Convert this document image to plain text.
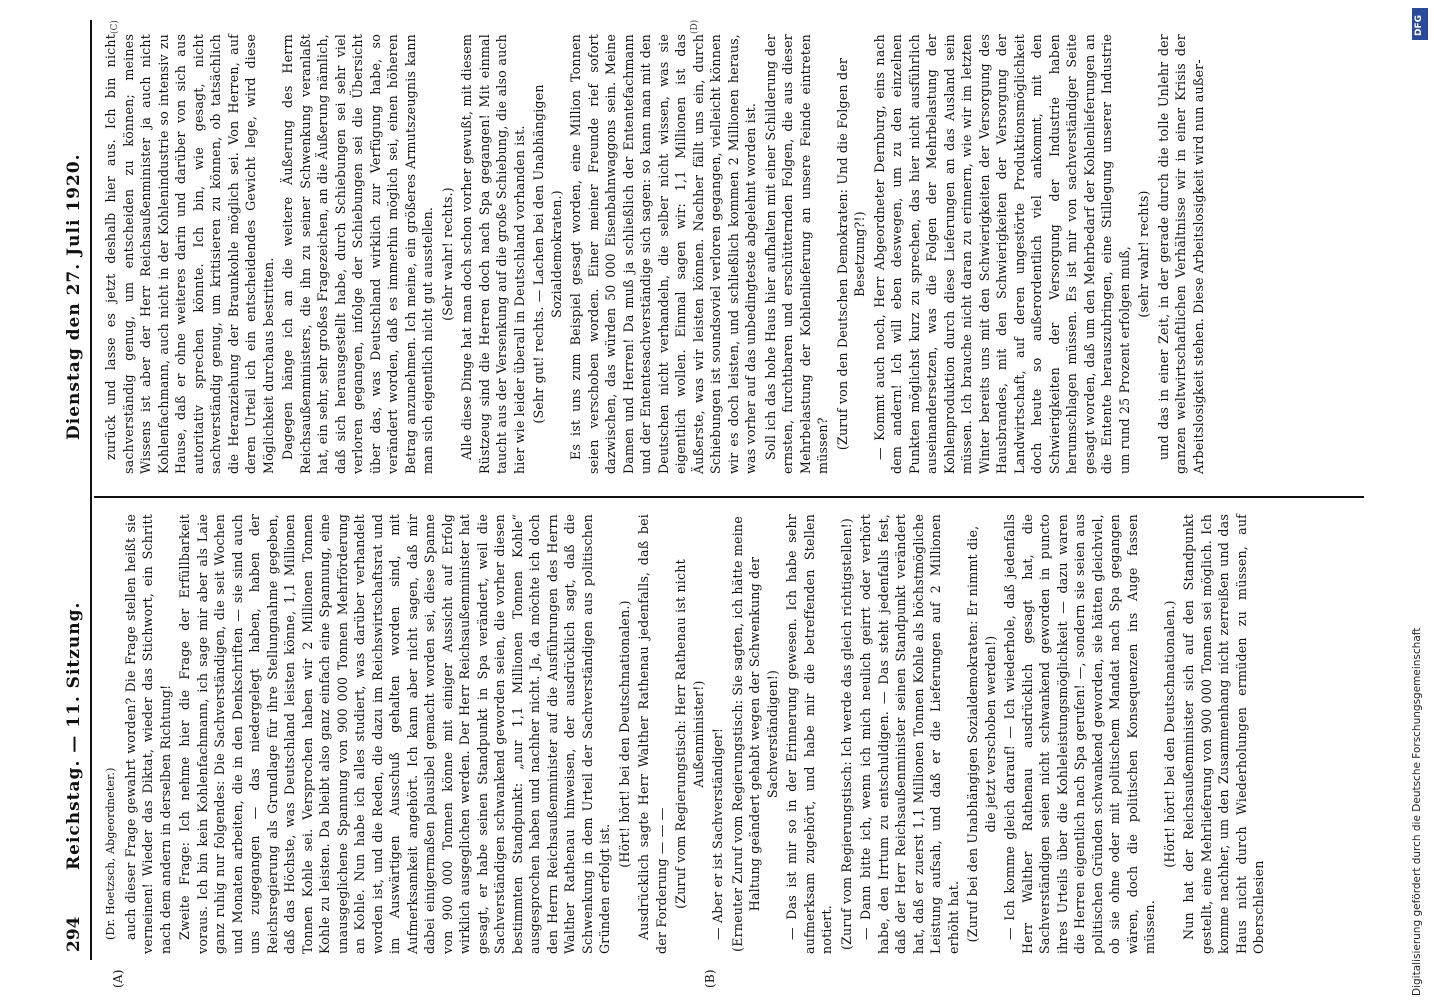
294
Reichstag. — 11. Sitzung.
Dienstag den 27. Juli 1920.
(A)	(B)

(Dr. Hoetzsch, Abgeordneter.) auch dieser Frage gewahrt worden? Die Frage stellen heißt sie verneinen! Wieder das Diktat, wieder das Stichwort, ein Schritt nach dem andern in derselben Richtung! Zweite Frage: Ich nehme hier die Frage der Erfüllbarkeit voraus. Ich bin kein Kohlenfachmann, ich sage mir aber als Laie ganz ruhig nur folgendes: Die Sachverständigen, die seit Wochen und Monaten arbeiten, die in den Denkschriften — sie sind auch uns zugegangen — das niedergelegt haben, haben der Reichsregierung als Grundlage für ihre Stellungnahme gegeben, daß das Höchste, was Deutschland leisten könne, 1,1 Millionen Tonnen Kohle sei. Versprochen haben wir 2 Millionen Tonnen Kohle zu leisten. Da bleibt also ganz einfach eine Spannung, eine unausgeglichene Spannung von 900 000 Tonnen Mehrförderung an Kohle. Nun habe ich alles studiert, was darüber verhandelt worden ist, und die Reden, die dazu im Reichswirtschaftsrat und im Auswärtigen Ausschuß gehalten worden sind, mit Aufmerksamkeit angehört. Ich kann aber nicht sagen, daß mir dabei einigermaßen plausibel gemacht worden sei, diese Spanne von 900 000 Tonnen könne mit einiger Aussicht auf Erfolg wirklich ausgeglichen werden. Der Herr Reichsaußenminister hat gesagt, er habe seinen Standpunkt in Spa verändert, weil die Sachverständigen schwankend geworden seien, die vorher diesen bestimmten Standpunkt: „nur 1,1 Millionen Tonnen Kohle“ ausgesprochen haben und nachher nicht. Ja, da möchte ich doch den Herrn Reichsaußenminister auf die Ausführungen des Herrn Walther Rathenau hinweisen, der ausdrücklich sagt, daß die Schwenkung in dem Urteil der Sachverständigen aus politischen Gründen erfolgt ist.

(Hört! hört! bei den Deutschnationalen.) Ausdrücklich sagte Herr Walther Rathenau jedenfalls, daß bei der Forderung — — — (Zuruf vom Regierungstisch: Herr Rathenau ist nicht Außenminister!) — Aber er ist Sachverständiger! (Erneuter Zuruf vom Regierungstisch: Sie sagten, ich hätte meine Haltung geändert gehabt wegen der Schwenkung der Sachverständigen!) — Das ist mir so in der Erinnerung gewesen. Ich habe sehr aufmerksam zugehört, und habe mir die betreffenden Stellen notiert. (Zuruf vom Regierungstisch: Ich werde das gleich richtigstellen!) — Dann bitte ich, wenn ich mich neulich geirrt oder verhört habe, den Irrtum zu entschuldigen. — Das steht jedenfalls fest, daß der Herr Reichsaußenminister seinen Standpunkt verändert hat, daß er zuerst 1,1 Millionen Tonnen Kohle als höchstmögliche Leistung aufsah, und daß er die Lieferungen auf 2 Millionen erhöht hat. (Zuruf bei den Unabhängigen Sozialdemokraten: Er nimmt die, die jetzt verschoben werden!) — Ich komme gleich darauf! — Ich wiederhole, daß jedenfalls Herr Walther Rathenau ausdrücklich gesagt hat, die Sachverständigen seien nicht schwankend geworden in puncto ihres Urteils über die Kohleleistungsmöglichkeit — dazu waren die Herren eigentlich nach Spa gerufen! —, sondern sie seien aus politischen Gründen schwankend geworden, sie hätten gleichviel, ob sie ohne oder mit politischem Mandat nach Spa gegangen wären, doch die politischen Konsequenzen ins Auge fassen müssen.

(Hört! hört! bei den Deutschnationalen.) Nun hat der Reichsaußenminister sich auf den Standpunkt gestellt, eine Mehrlieferung von 900 000 Tonnen sei möglich. Ich komme nachher, um den Zusammenhang nicht zerreißen und das Haus nicht durch Wiederholungen ermüden zu müssen, auf Oberschlesien

zurück und lasse es jetzt deshalb hier aus. Ich bin nicht sachverständig genug, um entscheiden zu können; meines Wissens ist aber der Herr Reichsaußenminister ja auch nicht Kohlenfachmann, auch nicht in der Kohlenindustrie so intensiv zu Hause, daß er ohne weiteres darin und darüber von sich aus autoritativ sprechen könnte. Ich bin, wie gesagt, nicht sachverständig genug, um kritisieren zu können, ob tatsächlich die Heranziehung der Braunkohle möglich sei. Von Herren, auf deren Urteil ich ein entscheidendes Gewicht lege, wird diese Möglichkeit durchaus bestritten. Dagegen hänge ich an die weitere Äußerung des Herrn Reichsaußenministers, die ihn zu seiner Schwenkung veranlaßt hat, ein sehr, sehr großes Fragezeichen, an die Äußerung nämlich, daß sich herausgestellt habe, durch Schiebungen sei sehr viel verloren gegangen, infolge der Schiebungen sei die Übersicht über das, was Deutschland wirklich zur Verfügung habe, so verändert worden, daß es immerhin möglich sei, einen höheren Betrag anzunehmen. Ich meine, ein größeres Armutszeugnis kann man sich eigentlich nicht gut ausstellen. (Sehr wahr! rechts.) Alle diese Dinge hat man doch schon vorher gewußt, mit diesem Rüstzeug sind die Herren doch nach Spa gegangen! Mit einmal taucht aus der Versenkung auf die große Schiebung, die also auch hier wie leider überall in Deutschland vorhanden ist. (Sehr gut! rechts. — Lachen bei den Unabhängigen Sozialdemokraten.) Es ist uns zum Beispiel gesagt worden, eine Million Tonnen seien verschoben worden. Einer meiner Freunde rief sofort dazwischen, das würden 50 000 Eisenbahnwaggons sein. Meine Damen und Herren! Da muß ja schließlich der Ententefachmann und der Ententesachverständige sich sagen: so kann man mit den Deutschen nicht verhandeln, die selber nicht wissen, was sie eigentlich wollen. Einmal sagen wir: 1,1 Millionen ist das Äußerste, was wir leisten können. Nachher fällt uns ein, durch Schiebungen ist soundsoviel verloren gegangen, vielleicht können wir es doch leisten, und schließlich kommen 2 Millionen heraus, was vorher auf das unbedingteste abgelehnt worden ist. Soll ich das hohe Haus hier aufhalten mit einer Schilderung der ernsten, furchtbaren und erschütternden Folgen, die aus dieser Mehrbelastung der Kohlenlieferung an unsere Feinde eintreten müssen? (Zuruf von den Deutschen Demokraten: Und die Folgen der Besetzung?!) — Kommt auch noch, Herr Abgeordneter Dernburg, eins nach dem andern! Ich will eben deswegen, um zu den einzelnen Punkten möglichst kurz zu sprechen, das hier nicht ausführlich auseinandersetzen, was die Folgen der Mehrbelastung der Kohlenproduktion durch diese Lieferungen an das Ausland sein müssen. Ich brauche nicht daran zu erinnern, wie wir im letzten Winter bereits uns mit den Schwierigkeiten der Versorgung des Hausbrandes, mit den Schwierigkeiten der Versorgung der Landwirtschaft, auf deren ungestörte Produktionsmöglichkeit doch heute so außerordentlich viel ankommt, mit den Schwierigkeiten der Versorgung der Industrie haben herumschlagen müssen. Es ist mir von sachverständiger Seite gesagt worden, daß um den Mehrbedarf der Kohlenlieferungen an die Entente herauszubringen, eine Stillegung unserer Industrie um rund 25 Prozent erfolgen muß, (sehr wahr! rechts) und das in einer Zeit, in der gerade durch die tolle Unlehr der ganzen weltwirtschaftlichen Verhältnisse wir in einer Krisis der Arbeitslosigkeit stehen. Diese Arbeitslosigkeit wird nun außer-

(C)	(D)	DFG
Digitalisierung gefördert durch die Deutsche Forschungsgemeinschaft
